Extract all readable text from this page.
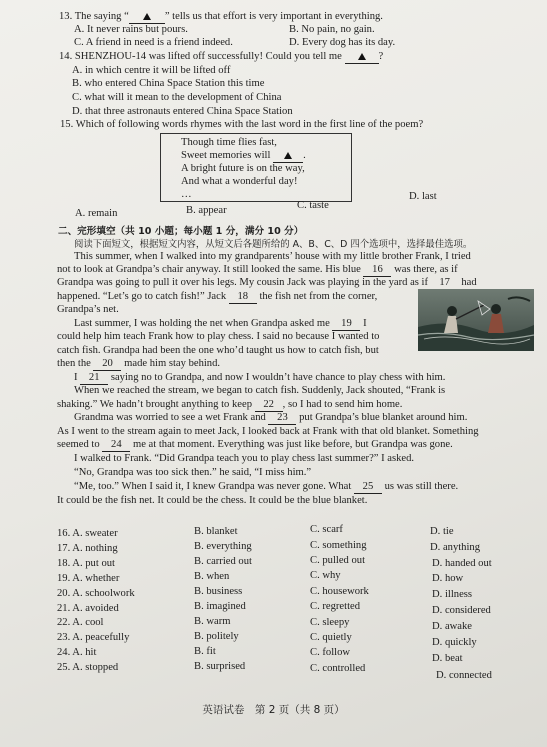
13. The saying “	” tells us that effort is very important in everything.
A. It never rains but pours.	B. No pain, no gain.
C. A friend in need is a friend indeed.	D. Every dog has its day.
14. SHENZHOU-14 was lifted off successfully! Could you tell me	?
A. in which centre it will be lifted off
B. who entered China Space Station this time
C. what will it mean to the development of China
D. that three astronauts entered China Space Station
15. Which of following words rhymes with the last word in the first line of the poem?
Though time flies fast,
Sweet memories will	.
A bright future is on the way,
And what a wonderful day!
…
A. remain	B. appear	C. taste
D. last
二、完形填空（共 10 小题；每小题 1 分，满分 10 分）
阅读下面短文，根据短文内容，从短文后各题所给的 A、B、C、D 四个选项中，选择最佳选项。
This summer, when I walked into my grandparents’ house with my little brother Frank, I tried
not to look at Grandpa’s chair anyway. It still looked the same. His blue 16 was there, as if
Grandpa was going to pull it over his legs. My cousin Jack was playing in the yard as if 17 had
happened. “Let’s go to catch fish!” Jack 18 the fish net from the corner,
Grandpa’s net.
Last summer, I was holding the net when Grandpa asked me 19 I
could help him teach Frank how to play chess. I said no because I wanted to
catch fish. Grandpa had been the one who’d taught us how to catch fish, but
then the 20 made him stay behind.
I 21 saying no to Grandpa, and now I wouldn’t have chance to play chess with him.
When we reached the stream, we began to catch fish. Suddenly, Jack shouted, “Frank is
shaking.” We hadn’t brought anything to keep 22 , so I had to send him home.
Grandma was worried to see a wet Frank and 23 put Grandpa’s blue blanket around him.
As I went to the stream again to meet Jack, I looked back at Frank with that old blanket. Something
seemed to 24 me at that moment. Everything was just like before, but Grandpa was gone.
I walked to Frank. “Did Grandpa teach you to play chess last summer?” I asked.
“No, Grandpa was too sick then.” he said, “I miss him.”
“Me, too.” When I said it, I knew Grandpa was never gone. What 25 us was still there.
It could be the fish net. It could be the chess. It could be the blue blanket.
16. A. sweater	B. blanket	C. scarf	D. tie
17. A. nothing	B. everything	C. something	D. anything
18. A. put out	B. carried out	C. pulled out	D. handed out
19. A. whether	B. when	C. why	D. how
20. A. schoolwork	B. business	C. housework	D. illness
21. A. avoided	B. imagined	C. regretted	D. considered
22. A. cool	B. warm	C. sleepy	D. awake
23. A. peacefully	B. politely	C. quietly	D. quickly
24. A. hit	B. fit	C. follow
D. beat
25. A. stopped	B. surprised	C. controlled
D. connected
英语试卷　第 2 页（共 8 页）
